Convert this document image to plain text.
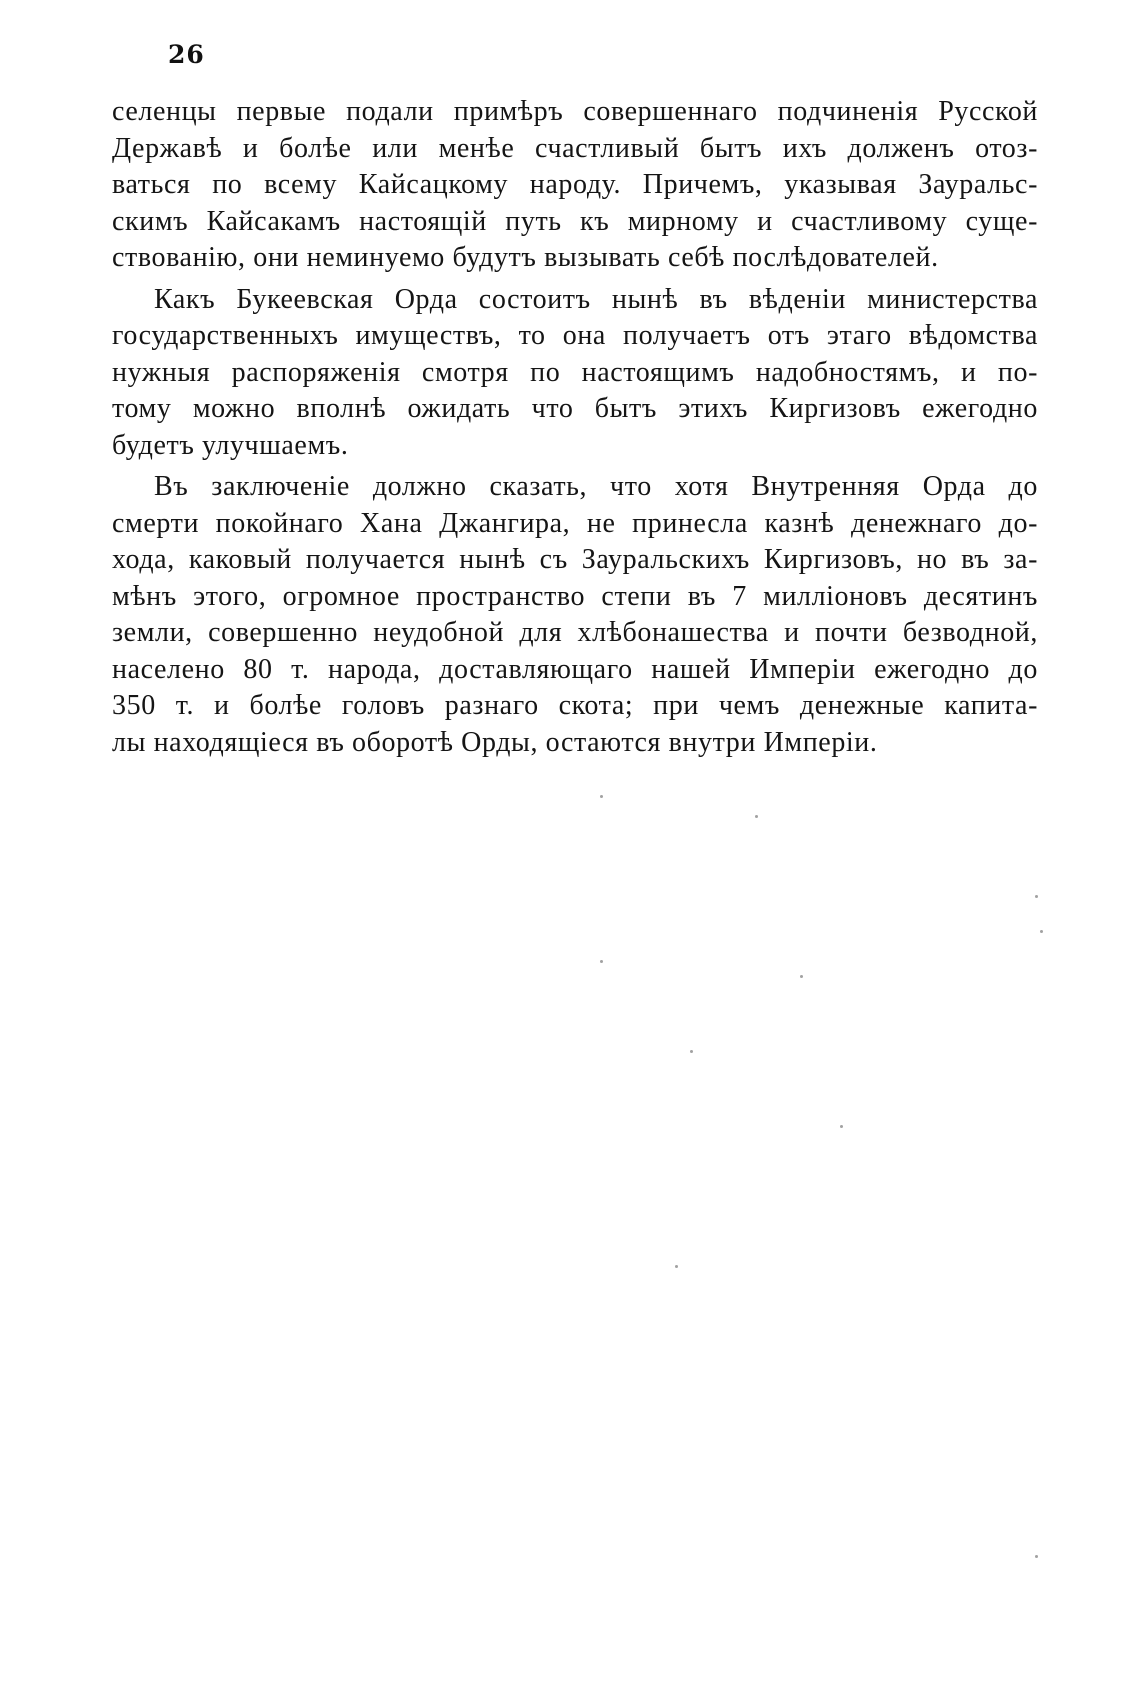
26
селенцы первые подали примѣръ совершеннаго подчиненія Русской
Державѣ и болѣе или менѣе счастливый бытъ ихъ долженъ отоз-
ваться по всему Кайсацкому народу. Причемъ, указывая Зауральс-
скимъ Кайсакамъ настоящій путь къ мирному и счастливому суще-
ствованію, они неминуемо будутъ вызывать себѣ послѣдователей.
Какъ Букеевская Орда состоитъ нынѣ въ вѣденіи министерства
государственныхъ имуществъ, то она получаетъ отъ этаго вѣдомства
нужныя распоряженія смотря по настоящимъ надобностямъ, и по-
тому можно вполнѣ ожидать что бытъ этихъ Киргизовъ ежегодно
будетъ улучшаемъ.
Въ заключеніе должно сказать, что хотя Внутренняя Орда до
смерти покойнаго Хана Джангира, не принесла казнѣ денежнаго до-
хода, каковый получается нынѣ съ Зауральскихъ Киргизовъ, но въ за-
мѣнъ этого, огромное пространство степи въ 7 милліоновъ десятинъ
земли, совершенно неудобной для хлѣбонашества и почти безводной,
населено 80 т. народа, доставляющаго нашей Имперіи ежегодно до
350 т. и болѣе головъ разнаго скота; при чемъ денежные капита-
лы находящіеся въ оборотѣ Орды, остаются внутри Имперіи.
